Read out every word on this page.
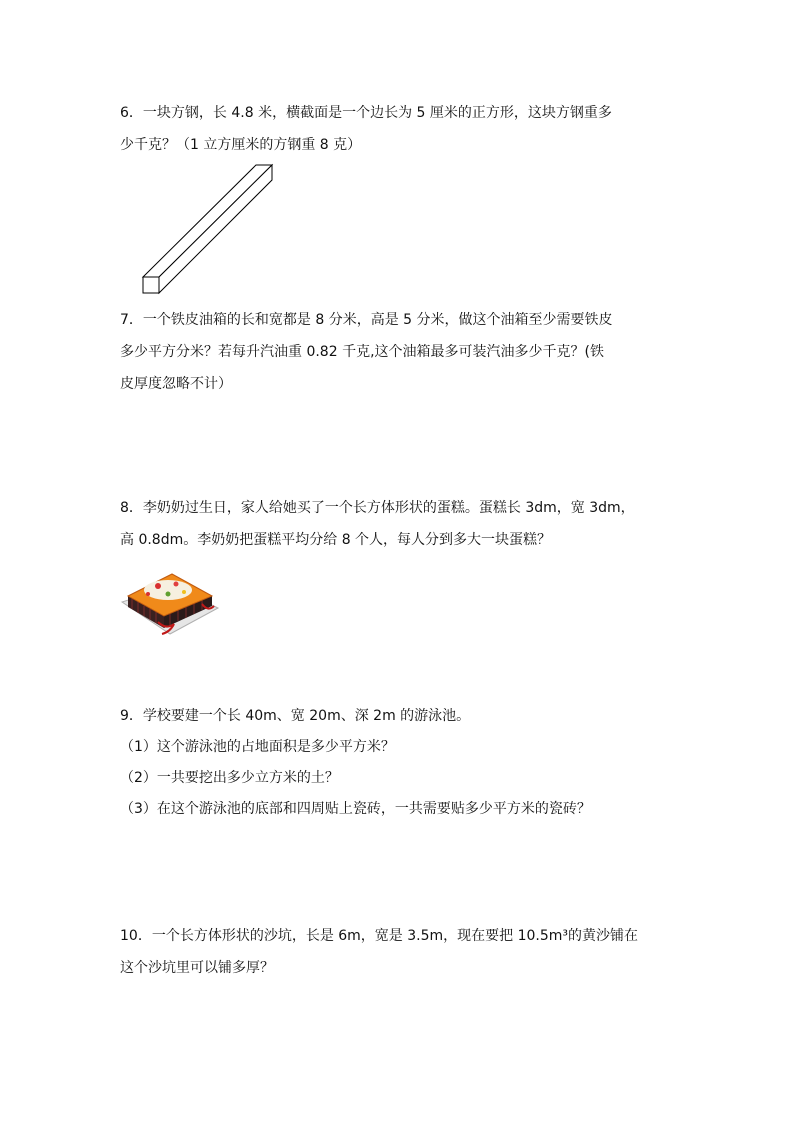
6．一块方钢，长 4.8 米，横截面是一个边长为 5 厘米的正方形，这块方钢重多
少千克？（1 立方厘米的方钢重 8 克）
7．一个铁皮油箱的长和宽都是 8 分米，高是 5 分米，做这个油箱至少需要铁皮
多少平方分米？若每升汽油重 0.82 千克,这个油箱最多可装汽油多少千克？(铁
皮厚度忽略不计）
8．李奶奶过生日，家人给她买了一个长方体形状的蛋糕。蛋糕长 3dm，宽 3dm，
高 0.8dm。李奶奶把蛋糕平均分给 8 个人，每人分到多大一块蛋糕？
9．学校要建一个长 40m、宽 20m、深 2m 的游泳池。
（1）这个游泳池的占地面积是多少平方米？
（2）一共要挖出多少立方米的土？
（3）在这个游泳池的底部和四周贴上瓷砖，一共需要贴多少平方米的瓷砖？
10．一个长方体形状的沙坑，长是 6m，宽是 3.5m，现在要把 10.5m³的黄沙铺在
这个沙坑里可以铺多厚？
